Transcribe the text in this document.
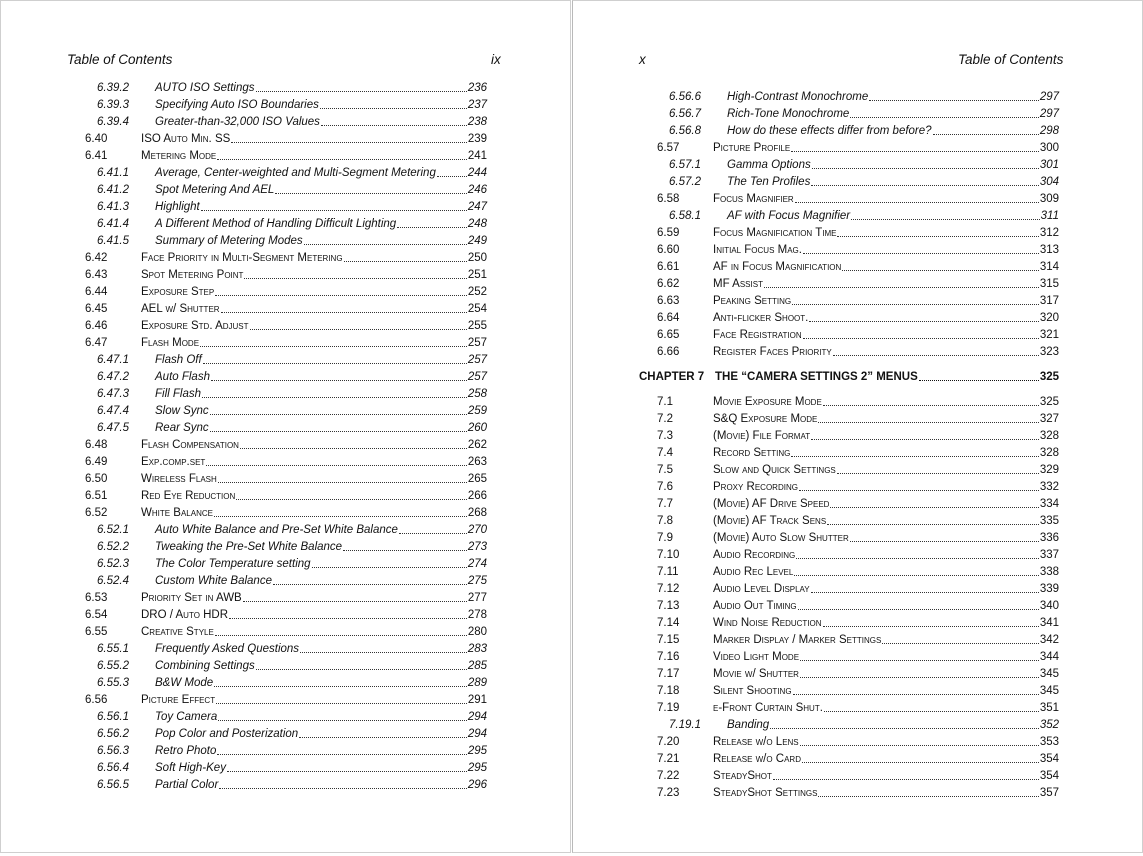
Table of Contents	ix
6.39.2	AUTO ISO Settings	236
6.39.3	Specifying Auto ISO Boundaries	237
6.39.4	Greater-than-32,000 ISO Values	238
6.40	ISO Auto Min. SS	239
6.41	Metering Mode	241
6.41.1	Average, Center-weighted and Multi-Segment Metering	244
6.41.2	Spot Metering And AEL	246
6.41.3	Highlight	247
6.41.4	A Different Method of Handling Difficult Lighting	248
6.41.5	Summary of Metering Modes	249
6.42	Face Priority in Multi-Segment Metering	250
6.43	Spot Metering Point	251
6.44	Exposure Step	252
6.45	AEL w/ Shutter	254
6.46	Exposure Std. Adjust	255
6.47	Flash Mode	257
6.47.1	Flash Off	257
6.47.2	Auto Flash	257
6.47.3	Fill Flash	258
6.47.4	Slow Sync	259
6.47.5	Rear Sync	260
6.48	Flash Compensation	262
6.49	Exp.comp.set	263
6.50	Wireless Flash	265
6.51	Red Eye Reduction	266
6.52	White Balance	268
6.52.1	Auto White Balance and Pre-Set White Balance	270
6.52.2	Tweaking the Pre-Set White Balance	273
6.52.3	The Color Temperature setting	274
6.52.4	Custom White Balance	275
6.53	Priority Set in AWB	277
6.54	DRO / Auto HDR	278
6.55	Creative Style	280
6.55.1	Frequently Asked Questions	283
6.55.2	Combining Settings	285
6.55.3	B&W Mode	289
6.56	Picture Effect	291
6.56.1	Toy Camera	294
6.56.2	Pop Color and Posterization	294
6.56.3	Retro Photo	295
6.56.4	Soft High-Key	295
6.56.5	Partial Color	296
x	Table of Contents
6.56.6	High-Contrast Monochrome	297
6.56.7	Rich-Tone Monochrome	297
6.56.8	How do these effects differ from before?	298
6.57	Picture Profile	300
6.57.1	Gamma Options	301
6.57.2	The Ten Profiles	304
6.58	Focus Magnifier	309
6.58.1	AF with Focus Magnifier	311
6.59	Focus Magnification Time	312
6.60	Initial Focus Mag.	313
6.61	AF in Focus Magnification	314
6.62	MF Assist	315
6.63	Peaking Setting	317
6.64	Anti-flicker Shoot.	320
6.65	Face Registration	321
6.66	Register Faces Priority	323
CHAPTER 7 THE “CAMERA SETTINGS 2” MENUS	325
7.1	Movie Exposure Mode	325
7.2	S&Q Exposure Mode	327
7.3	(Movie) File Format	328
7.4	Record Setting	328
7.5	Slow and Quick Settings	329
7.6	Proxy Recording	332
7.7	(Movie) AF Drive Speed	334
7.8	(Movie) AF Track Sens	335
7.9	(Movie) Auto Slow Shutter	336
7.10	Audio Recording	337
7.11	Audio Rec Level	338
7.12	Audio Level Display	339
7.13	Audio Out Timing	340
7.14	Wind Noise Reduction	341
7.15	Marker Display / Marker Settings	342
7.16	Video Light Mode	344
7.17	Movie w/ Shutter	345
7.18	Silent Shooting	345
7.19	e-Front Curtain Shut.	351
7.19.1	Banding	352
7.20	Release w/o Lens	353
7.21	Release w/o Card	354
7.22	SteadyShot	354
7.23	SteadyShot Settings	357
